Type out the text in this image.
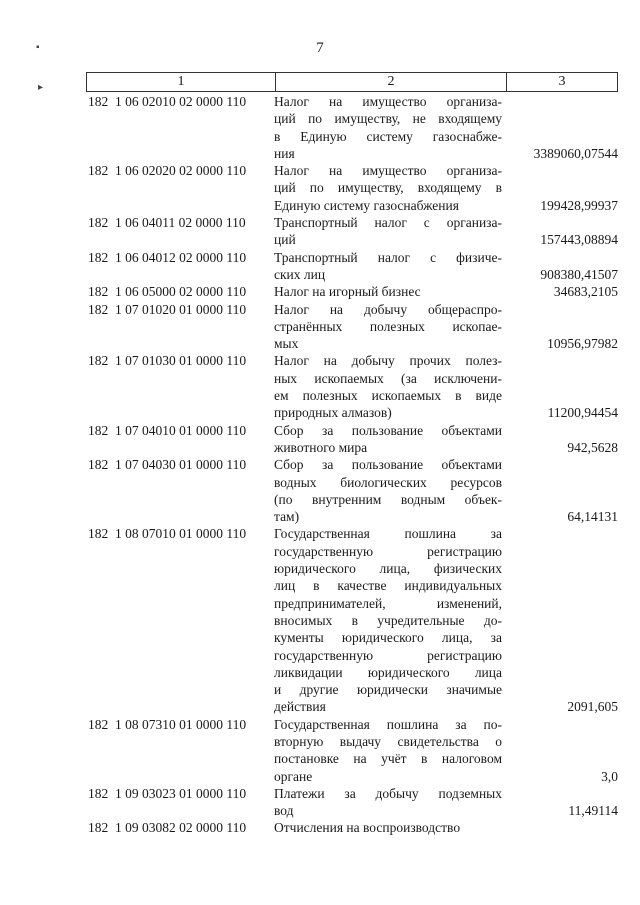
7
▪
▸	1	2	3
182  1 06 02010 02 0000 110	Налог на имущество организа-
ций по имуществу, не входящему
в Единую систему газоснабже-
ния	3389060,07544
182  1 06 02020 02 0000 110	Налог на имущество организа-
ций по имуществу, входящему в
Единую систему газоснабжения	199428,99937
182  1 06 04011 02 0000 110	Транспортный налог с организа-
ций	157443,08894
182  1 06 04012 02 0000 110	Транспортный налог с физиче-
ских лиц	908380,41507
182  1 06 05000 02 0000 110	Налог на игорный бизнес	34683,2105
182  1 07 01020 01 0000 110	Налог на добычу общераспро-
странённых полезных ископае-
мых	10956,97982
182  1 07 01030 01 0000 110	Налог на добычу прочих полез-
ных ископаемых (за исключени-
ем полезных ископаемых в виде
природных алмазов)	11200,94454
182  1 07 04010 01 0000 110	Сбор за пользование объектами
животного мира	942,5628
182  1 07 04030 01 0000 110	Сбор за пользование объектами
водных биологических ресурсов
(по внутренним водным объек-
там)	64,14131
182  1 08 07010 01 0000 110	Государственная пошлина за
государственную регистрацию
юридического лица, физических
лиц в качестве индивидуальных
предпринимателей, изменений,
вносимых в учредительные до-
кументы юридического лица, за
государственную регистрацию
ликвидации юридического лица
и другие юридически значимые
действия	2091,605
182  1 08 07310 01 0000 110	Государственная пошлина за по-
вторную выдачу свидетельства о
постановке на учёт в налоговом
органе	3,0
182  1 09 03023 01 0000 110	Платежи за добычу подземных
вод	11,49114
182  1 09 03082 02 0000 110	Отчисления на воспроизводство
